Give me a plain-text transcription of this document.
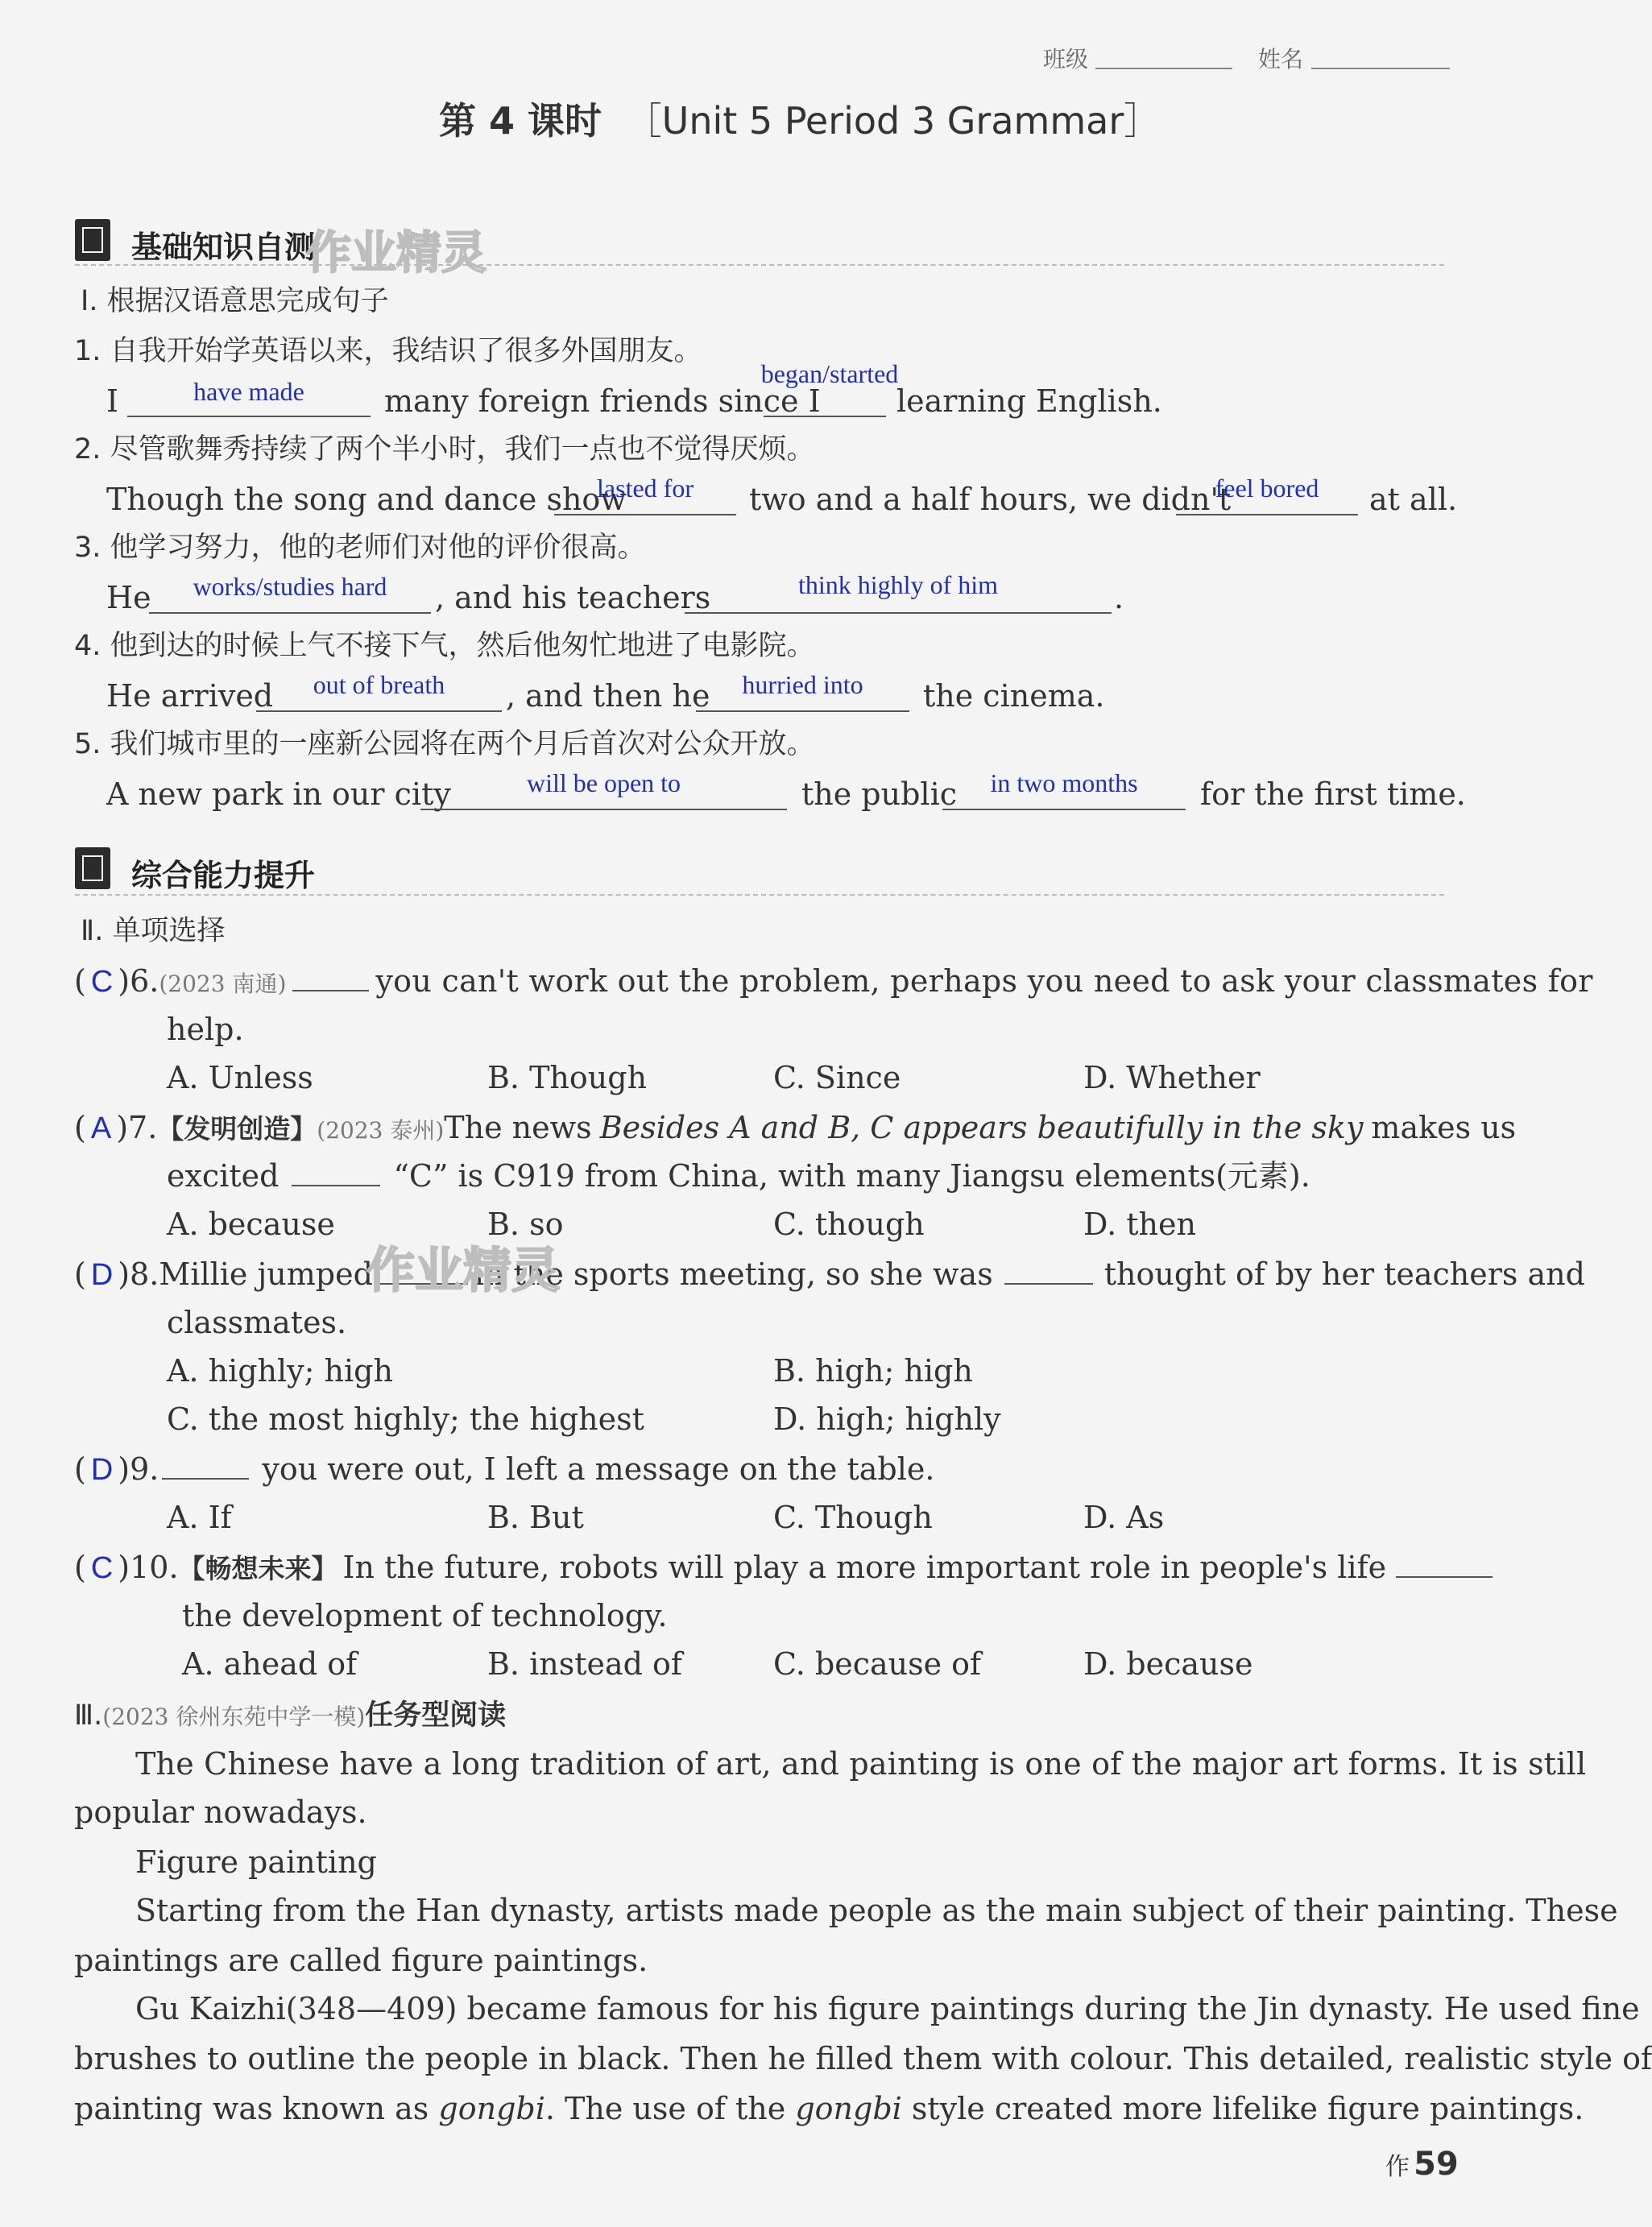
班级	姓名
第 4 课时 ［Unit 5 Period 3 Grammar］
基础知识自测
作业精灵
Ⅰ. 根据汉语意思完成句子
1. 自我开始学英语以来，我结识了很多外国朋友。
I	have made	many foreign friends since I
began/started
learning English.
2. 尽管歌舞秀持续了两个半小时，我们一点也不觉得厌烦。
Though the song and dance show
lasted for	two and a half hours, we didn't
feel bored	at all.
3. 他学习努力，他的老师们对他的评价很高。
He	works/studies hard	, and his teachers	think highly of him	.
4. 他到达的时候上气不接下气，然后他匆忙地进了电影院。
He arrived	out of breath	, and then he	hurried into	the cinema.
5. 我们城市里的一座新公园将在两个月后首次对公众开放。
A new park in our city	will be open to	the public	in two months	for the first time.
综合能力提升
Ⅱ. 单项选择
( C )6.(2023 南通)	you can't work out the problem, perhaps you need to ask your classmates for
help.
A. Unless	B. Though	C. Since	D. Whether
( A )7.【发明创造】(2023 泰州)The news Besides A and B, C appears beautifully in the sky makes us
excited	“C” is C919 from China, with many Jiangsu elements(元素).
A. because	B. so	C. though	D. then
( D )8.Millie jumped	in the sports meeting, so she was	thought of by her teachers and
作业精灵
classmates.
A. highly; high	B. high; high
C. the most highly; the highest	D. high; highly
( D )9.	you were out, I left a message on the table.
A. If	B. But	C. Though	D. As
( C )10.【畅想未来】 In the future, robots will play a more important role in people's life
the development of technology.
A. ahead of	B. instead of	C. because of	D. because
Ⅲ.(2023 徐州东苑中学一模)任务型阅读
The Chinese have a long tradition of art, and painting is one of the major art forms. It is still
popular nowadays.
Figure painting
Starting from the Han dynasty, artists made people as the main subject of their painting. These
paintings are called figure paintings.
Gu Kaizhi(348—409) became famous for his figure paintings during the Jin dynasty. He used fine
brushes to outline the people in black. Then he filled them with colour. This detailed, realistic style of
painting was known as gongbi. The use of the gongbi style created more lifelike figure paintings.
作 59
